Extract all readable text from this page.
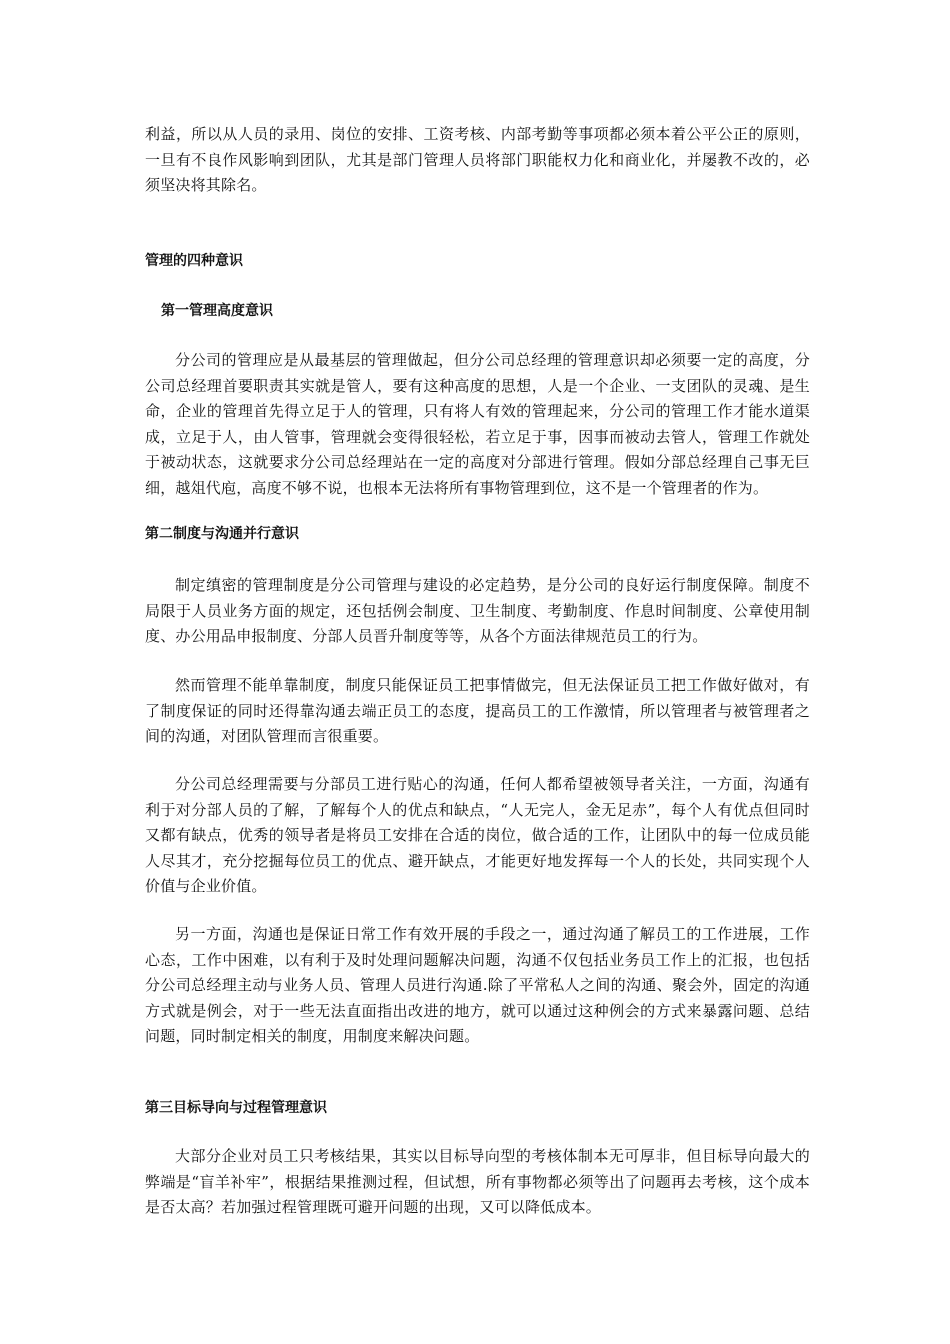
利益，所以从人员的录用、岗位的安排、工资考核、内部考勤等事项都必须本着公平公正的原则，一旦有不良作风影响到团队，尤其是部门管理人员将部门职能权力化和商业化，并屡教不改的，必须坚决将其除名。

管理的四种意识
第一管理高度意识

分公司的管理应是从最基层的管理做起，但分公司总经理的管理意识却必须要一定的高度，分公司总经理首要职责其实就是管人，要有这种高度的思想，人是一个企业、一支团队的灵魂、是生命，企业的管理首先得立足于人的管理，只有将人有效的管理起来，分公司的管理工作才能水道渠成，立足于人，由人管事，管理就会变得很轻松，若立足于事，因事而被动去管人，管理工作就处于被动状态，这就要求分公司总经理站在一定的高度对分部进行管理。假如分部总经理自己事无巨细，越俎代庖，高度不够不说，也根本无法将所有事物管理到位，这不是一个管理者的作为。

第二制度与沟通并行意识

制定缜密的管理制度是分公司管理与建设的必定趋势，是分公司的良好运行制度保障。制度不局限于人员业务方面的规定，还包括例会制度、卫生制度、考勤制度、作息时间制度、公章使用制度、办公用品申报制度、分部人员晋升制度等等，从各个方面法律规范员工的行为。

然而管理不能单靠制度，制度只能保证员工把事情做完，但无法保证员工把工作做好做对，有了制度保证的同时还得靠沟通去端正员工的态度，提高员工的工作激情，所以管理者与被管理者之间的沟通，对团队管理而言很重要。

分公司总经理需要与分部员工进行贴心的沟通，任何人都希望被领导者关注，一方面，沟通有利于对分部人员的了解，了解每个人的优点和缺点，“人无完人，金无足赤”，每个人有优点但同时又都有缺点，优秀的领导者是将员工安排在合适的岗位，做合适的工作，让团队中的每一位成员能人尽其才，充分挖掘每位员工的优点、避开缺点，才能更好地发挥每一个人的长处，共同实现个人价值与企业价值。

另一方面，沟通也是保证日常工作有效开展的手段之一，通过沟通了解员工的工作进展，工作心态，工作中困难，以有利于及时处理问题解决问题，沟通不仅包括业务员工作上的汇报，也包括分公司总经理主动与业务人员、管理人员进行沟通.除了平常私人之间的沟通、聚会外，固定的沟通方式就是例会，对于一些无法直面指出改进的地方，就可以通过这种例会的方式来暴露问题、总结问题，同时制定相关的制度，用制度来解决问题。

第三目标导向与过程管理意识

大部分企业对员工只考核结果，其实以目标导向型的考核体制本无可厚非，但目标导向最大的弊端是“盲羊补牢”，根据结果推测过程，但试想，所有事物都必须等出了问题再去考核，这个成本是否太高？若加强过程管理既可避开问题的出现，又可以降低成本。
